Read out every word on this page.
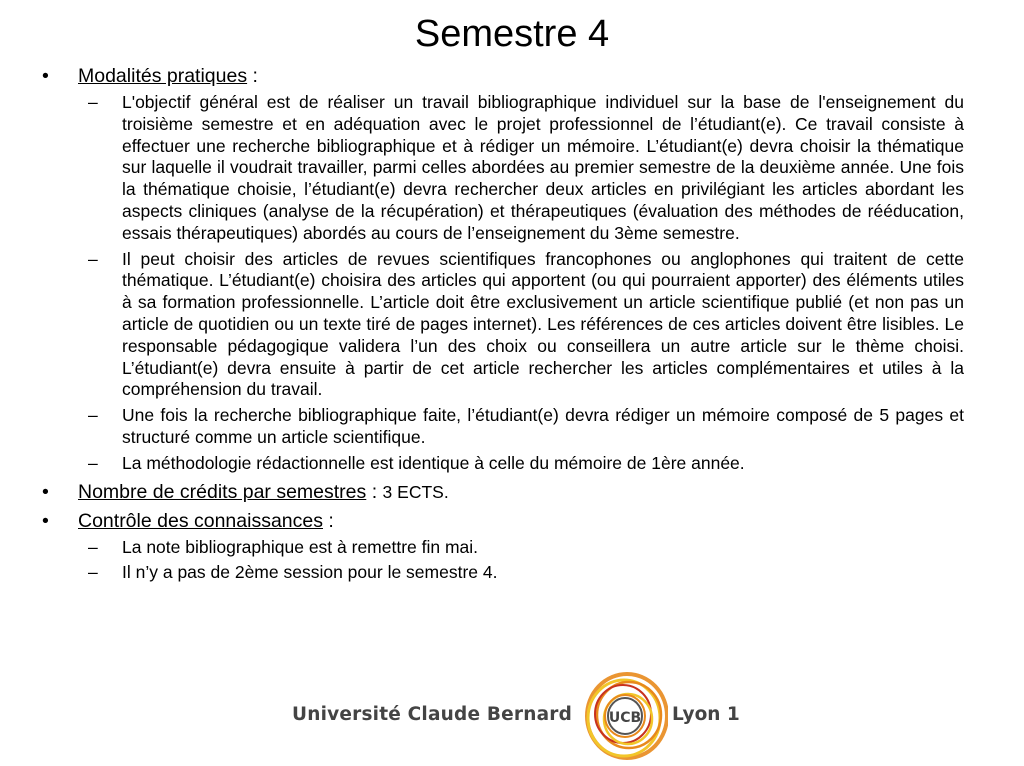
Semestre 4
• Modalités pratiques :
– L'objectif général est de réaliser un travail bibliographique individuel sur la base de l'enseignement du troisième semestre et en adéquation avec le projet professionnel de l’étudiant(e). Ce travail consiste à effectuer une recherche bibliographique et à rédiger un mémoire. L’étudiant(e) devra choisir la thématique sur laquelle il voudrait travailler, parmi celles abordées au premier semestre de la deuxième année. Une fois la thématique choisie, l’étudiant(e) devra rechercher deux articles en privilégiant les articles abordant les aspects cliniques (analyse de la récupération) et thérapeutiques (évaluation des méthodes de rééducation, essais thérapeutiques) abordés au cours de l’enseignement du 3ème semestre.
– Il peut choisir des articles de revues scientifiques francophones ou anglophones qui traitent de cette thématique. L’étudiant(e) choisira des articles qui apportent (ou qui pourraient apporter) des éléments utiles à sa formation professionnelle. L’article doit être exclusivement un article scientifique publié (et non pas un article de quotidien ou un texte tiré de pages internet). Les références de ces articles doivent être lisibles. Le responsable pédagogique validera l’un des choix ou conseillera un autre article sur le thème choisi. L’étudiant(e) devra ensuite à partir de cet article rechercher les articles complémentaires et utiles à la compréhension du travail.
– Une fois la recherche bibliographique faite, l’étudiant(e) devra rédiger un mémoire composé de 5 pages et structuré comme un article scientifique.
– La méthodologie rédactionnelle est identique à celle du mémoire de 1ère année.
• Nombre de crédits par semestres : 3 ECTS.
• Contrôle des connaissances :
– La note bibliographique est à remettre fin mai.
– Il n’y a pas de 2ème session pour le semestre 4.
Université Claude Bernard	UCB Lyon 1
